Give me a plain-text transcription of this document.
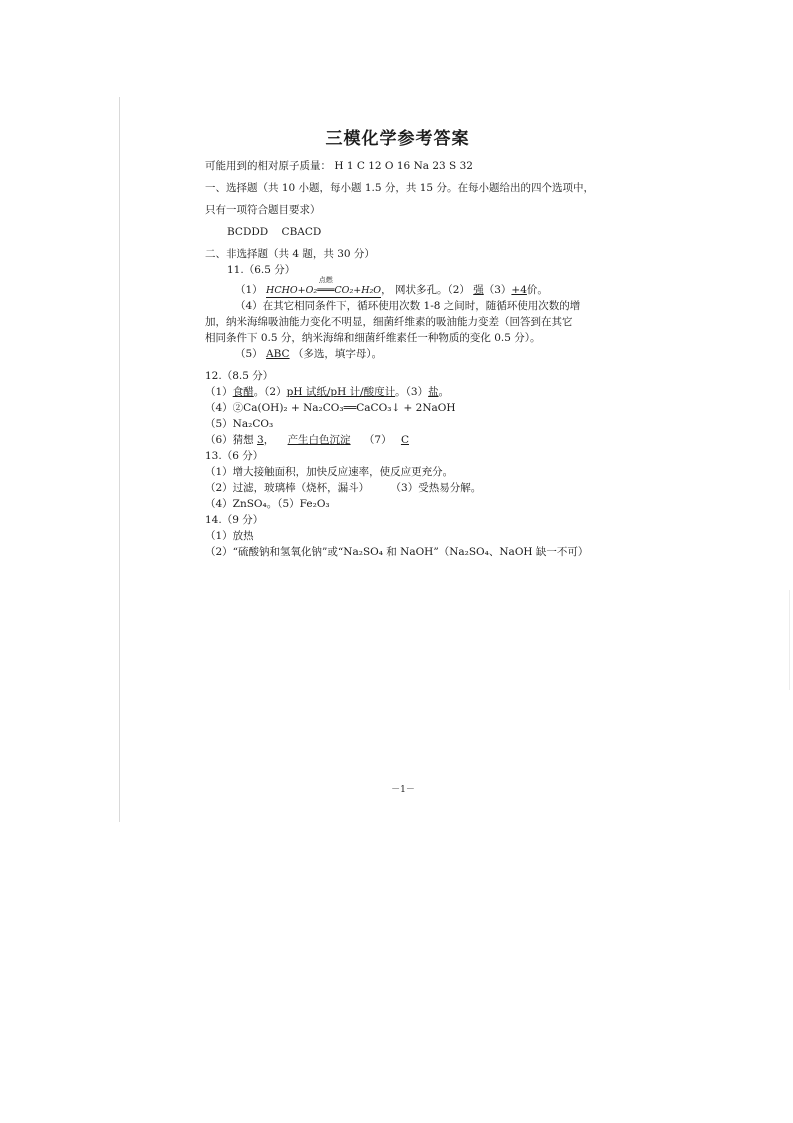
三模化学参考答案
可能用到的相对原子质量： H 1 C 12 O 16 Na 23 S 32
一、选择题（共 10 小题，每小题 1.5 分，共 15 分。在每小题给出的四个选项中，
只有一项符合题目要求）
BCDDD CBACD
二、非选择题（共 4 题，共 30 分）
11.（6.5 分）
（1） HCHO+O₂
点燃
═══CO₂+H₂O， 网状多孔。（2） 强（3）+4价。
（4）在其它相同条件下，循环使用次数 1-8 之间时，随循环使用次数的增
加，纳米海绵吸油能力变化不明显，细菌纤维素的吸油能力变差（回答到在其它
相同条件下 0.5 分，纳米海绵和细菌纤维素任一种物质的变化 0.5 分）。
（5） ABC （多选，填字母）。
12.（8.5 分）
（1）食醋。（2）pH 试纸/pH 计/酸度计。（3）盐。
（4）②Ca(OH)₂ + Na₂CO₃══CaCO₃↓ + 2NaOH
（5）Na₂CO₃
（6）猜想 3， 产生白色沉淀 （7） C
13.（6 分）
（1）增大接触面积，加快反应速率，使反应更充分。
（2）过滤，玻璃棒（烧杯，漏斗） （3）受热易分解。
（4）ZnSO₄。（5）Fe₂O₃
14.（9 分）
（1）放热
（2）“硫酸钠和氢氧化钠”或“Na₂SO₄ 和 NaOH”（Na₂SO₄、NaOH 缺一不可）
－1－
